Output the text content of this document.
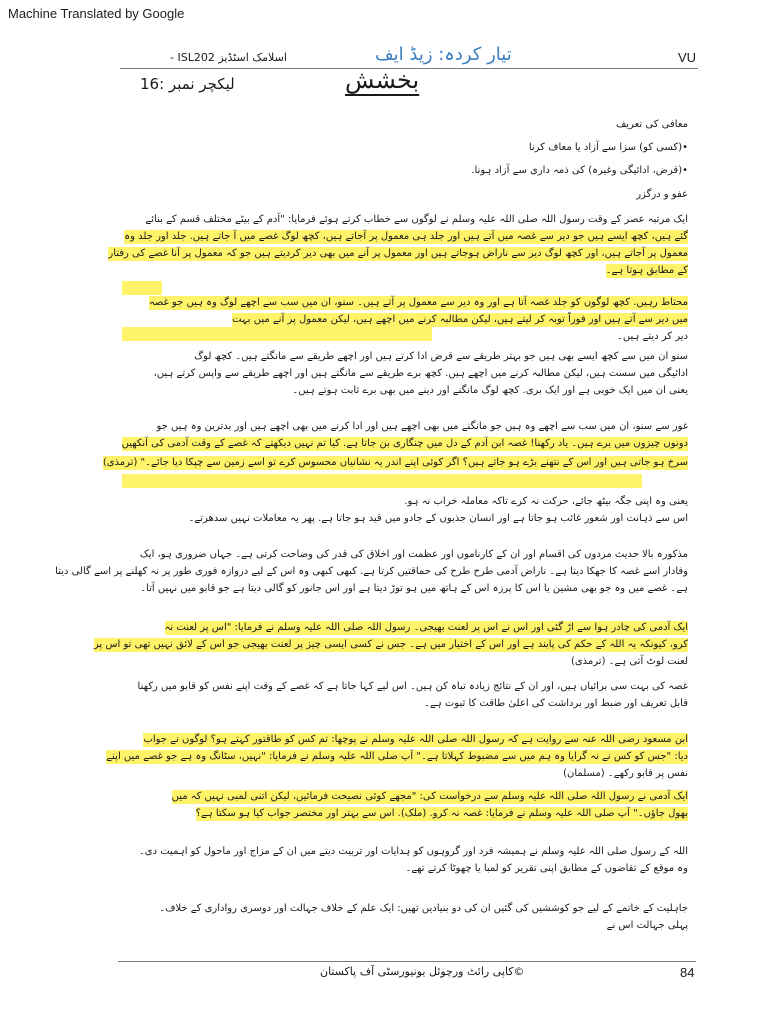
Machine Translated by Google
تیار کردہ: زیڈ ایف
اسلامک اسٹڈیز ISL202 -	VU
بخشش
لیکچر نمبر :16
معافی کی تعریف
•(کسی کو) سزا سے آزاد یا معاف کرنا
•(قرض، ادائیگی وغیرہ) کی ذمہ داری سے آزاد ہونا.
عفو و درگزر
ایک مرتبہ عصر کے وقت رسول اللہ صلی اللہ علیہ وسلم نے لوگوں سے خطاب کرتے ہوئے فرمایا: "آدم کے بیٹے مختلف قسم کے بنائے
گئے ہیں، کچھ ایسے ہیں جو دیر سے غصہ میں آتے ہیں اور جلد ہی معمول پر آجاتے ہیں، کچھ لوگ غصے میں آ جاتے ہیں. جلد اور جلد وہ
معمول پر آجاتے ہیں، اور کچھ لوگ دیر سے ناراض ہوجاتے ہیں اور معمول پر آنے میں بھی دیر کردیتے ہیں جو کہ معمول پر آنا غصے کی رفتار
کے مطابق ہوتا ہے۔
محتاط رہیں. کچھ لوگوں کو جلد غصہ آتا ہے اور وہ دیر سے معمول پر آتے ہیں۔ سنو، ان میں سب سے اچھے لوگ وہ ہیں جو غصہ
میں دیر سے آتے ہیں اور فوراً توبہ کر لیتے ہیں، لیکن مطالبہ کرنے میں اچھے ہیں، لیکن معمول پر آنے میں بہت
دیر کر دیتے ہیں۔
سنو ان میں سے کچھ ایسے بھی ہیں جو بہتر طریقے سے قرض ادا کرتے ہیں اور اچھے طریقے سے مانگتے ہیں۔ کچھ لوگ
ادائیگی میں سست ہیں، لیکن مطالبہ کرنے میں اچھے ہیں. کچھ برے طریقے سے مانگتے ہیں اور اچھے طریقے سے واپس کرتے ہیں،
یعنی ان میں ایک خوبی ہے اور ایک بری. کچھ لوگ مانگنے اور دینے میں بھی برے ثابت ہوتے ہیں۔
غور سے سنو، ان میں سب سے اچھے وہ ہیں جو مانگنے میں بھی اچھے ہیں اور ادا کرنے میں بھی اچھے ہیں اور بدترین وہ ہیں جو
دونوں چیزوں میں برے ہیں۔ یاد رکھنا! غصہ ابن آدم کے دل میں چنگاری بن جاتا ہے. کیا تم نہیں دیکھتے کہ غصے کے وقت آدمی کی آنکھیں
سرخ ہو جاتی ہیں اور اس کے نتھنے بڑے ہو جاتے ہیں؟ اگر کوئی اپنے اندر یہ نشانیاں محسوس کرے تو اسے زمین سے چپکا دیا جائے۔" (ترمذی)
یعنی وہ اپنی جگہ بیٹھ جائے، حرکت نہ کرے تاکہ معاملہ خراب نہ ہو.
اس سے ذہانت اور شعور غائب ہو جاتا ہے اور انسان جذبوں کے جادو میں قید ہو جاتا ہے. پھر یہ معاملات نہیں سدھرتے۔
مذکورہ بالا حدیث مردوں کی اقسام اور ان کے کارناموں اور عظمت اور اخلاق کی قدر کی وضاحت کرتی ہے۔ جہاں ضروری ہو، ایک
وفادار اسے غصہ کا جھکا دیتا ہے۔ ناراض آدمی طرح طرح کی حماقتیں کرتا ہے. کبھی کبھی وہ اس کے لیے دروازہ فوری طور پر نہ کھلنے پر اسے گالی دیتا
ہے۔ غصے میں وہ جو بھی مشین یا اس کا پرزہ اس کے ہاتھ میں ہو توڑ دیتا ہے اور اس جانور کو گالی دیتا ہے جو قابو میں نہیں آتا۔
ایک آدمی کی چادر ہوا سے اڑ گئی اور اس نے اس پر لعنت بھیجی۔ رسول اللہ صلی اللہ علیہ وسلم نے فرمایا: "اس پر لعنت نہ
کرو، کیونکہ یہ اللہ کے حکم کی پابند ہے اور اس کے اختیار میں ہے۔ جس نے کسی ایسی چیز پر لعنت بھیجی جو اس کے لائق نہیں تھی تو اس پر
لعنت لوٹ آتی ہے۔ (ترمذی)
غصہ کی بہت سی برائیاں ہیں، اور ان کے نتائج زیادہ تباہ کن ہیں۔ اس لیے کہا جاتا ہے کہ غصے کے وقت اپنے نفس کو قابو میں رکھنا
قابل تعریف اور ضبط اور برداشت کی اعلیٰ طاقت کا ثبوت ہے۔
ابن مسعود رضی اللہ عنہ سے روایت ہے کہ رسول اللہ صلی اللہ علیہ وسلم نے پوچھا: تم کس کو طاقتور کہتے ہو؟ لوگوں نے جواب
دیا: "جس کو کس نے نہ گرایا وہ ہم میں سے مضبوط کہلاتا ہے۔" آپ صلی اللہ علیہ وسلم نے فرمایا: "نہیں، سٹانگ وہ ہے جو غصے میں اپنے
نفس پر قابو رکھے۔ (مسلمان)
ایک آدمی نے رسول اللہ صلی اللہ علیہ وسلم سے درخواست کی: "مجھے کوئی نصیحت فرمائیں، لیکن اتنی لمبی نہیں کہ میں
بھول جاؤں۔" آپ صلی اللہ علیہ وسلم نے فرمایا: غصہ نہ کرو. (ملک). اس سے بہتر اور مختصر جواب کیا ہو سکتا ہے؟
اللہ کے رسول صلی اللہ علیہ وسلم نے ہمیشہ فرد اور گروہوں کو ہدایات اور تربیت دیتے میں ان کے مزاج اور ماحول کو اہمیت دی۔
وہ موقع کے تقاضوں کے مطابق اپنی تقریر کو لمبا یا چھوٹا کرتے تھے۔
جاہلیت کے خاتمے کے لیے جو کوششیں کی گئیں ان کی دو بنیادیں تھیں: ایک علم کے خلاف جہالت اور دوسری رواداری کے خلاف۔
پہلی جہالت اس نے
©کاپی رائٹ ورچوئل یونیورسٹی آف پاکستان	84
